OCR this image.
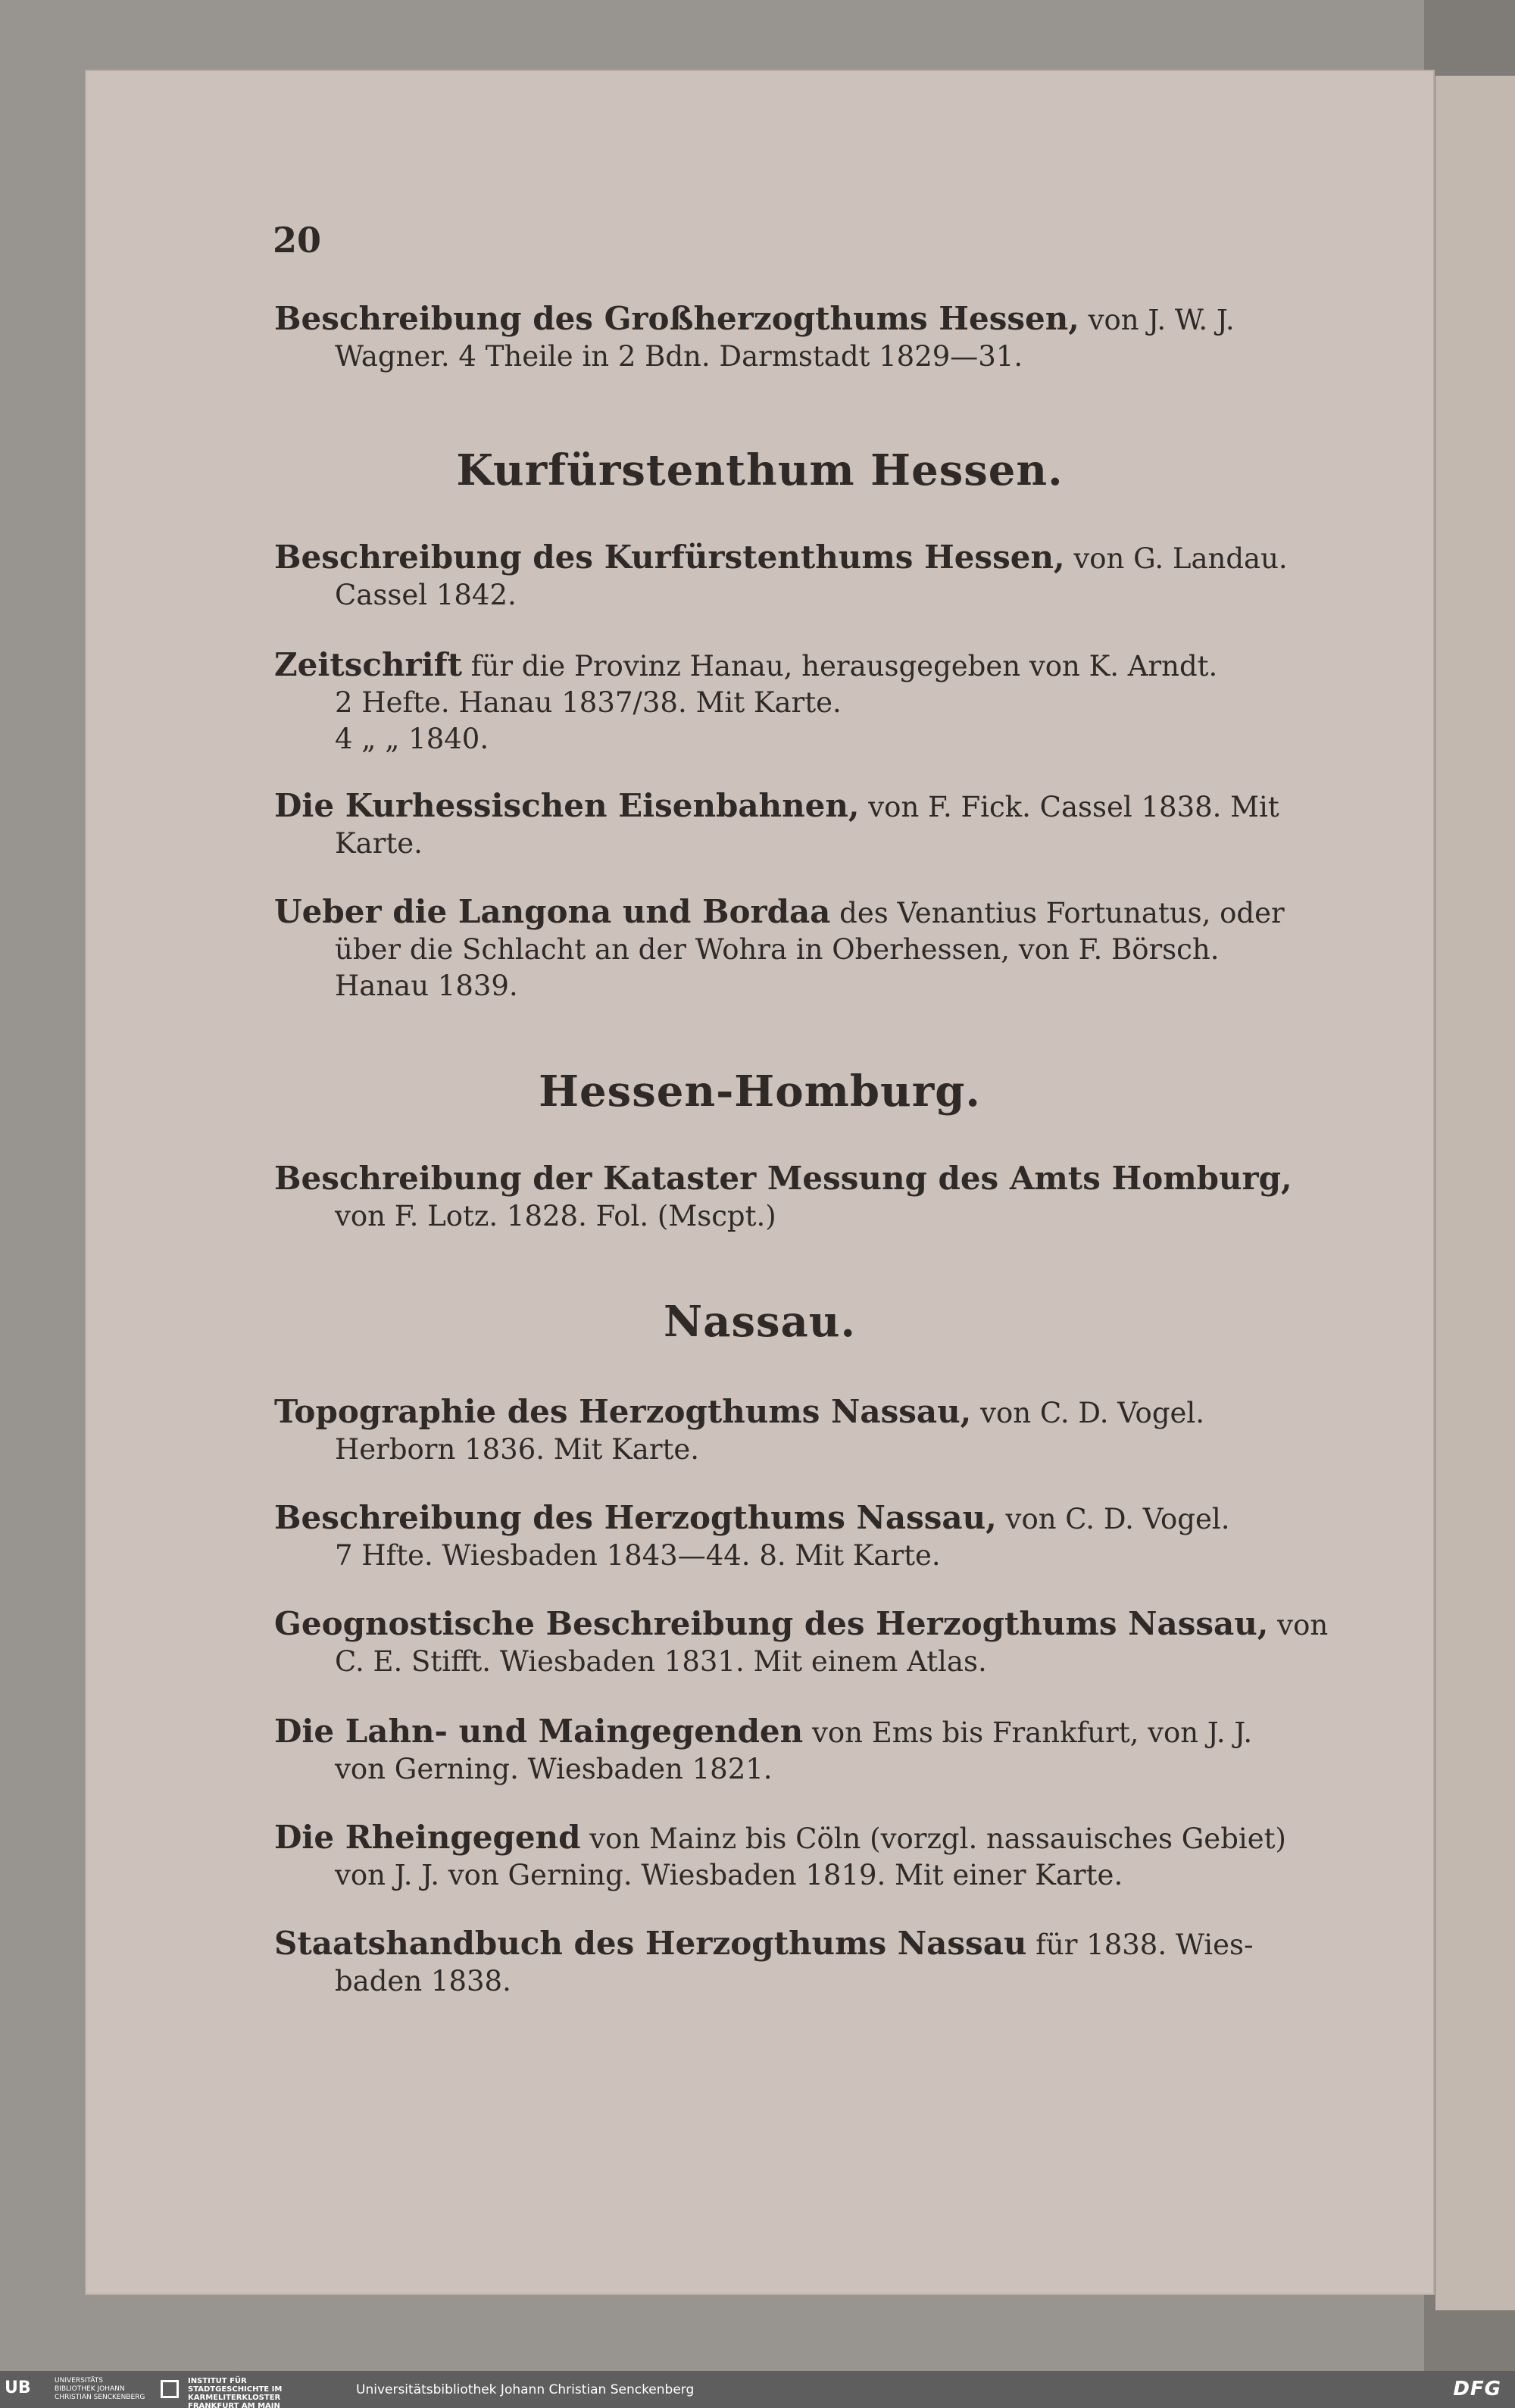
20
Beschreibung des Großherzogthums Hessen, von J. W. J.
Wagner. 4 Theile in 2 Bdn. Darmstadt 1829—31.
Kurfürstenthum Hessen.
Beschreibung des Kurfürstenthums Hessen, von G. Landau.
Cassel 1842.
Zeitschrift für die Provinz Hanau, herausgegeben von K. Arndt.
2 Hefte. Hanau 1837/38. Mit Karte.
4 „ „ 1840.
Die Kurhessischen Eisenbahnen, von F. Fick. Cassel 1838. Mit
Karte.
Ueber die Langona und Bordaa des Venantius Fortunatus, oder
über die Schlacht an der Wohra in Oberhessen, von F. Börsch.
Hanau 1839.
Hessen-Homburg.
Beschreibung der Kataster Messung des Amts Homburg,
von F. Lotz. 1828. Fol. (Mscpt.)
Nassau.
Topographie des Herzogthums Nassau, von C. D. Vogel.
Herborn 1836. Mit Karte.
Beschreibung des Herzogthums Nassau, von C. D. Vogel.
7 Hfte. Wiesbaden 1843—44. 8. Mit Karte.
Geognostische Beschreibung des Herzogthums Nassau, von
C. E. Stifft. Wiesbaden 1831. Mit einem Atlas.
Die Lahn- und Maingegenden von Ems bis Frankfurt, von J. J.
von Gerning. Wiesbaden 1821.
Die Rheingegend von Mainz bis Cöln (vorzgl. nassauisches Gebiet)
von J. J. von Gerning. Wiesbaden 1819. Mit einer Karte.
Staatshandbuch des Herzogthums Nassau für 1838. Wies-
baden 1838.
UB	UNIVERSITÄTS BIBLIOTHEK JOHANN CHRISTIAN SENCKENBERG
INSTITUT FÜR STADTGESCHICHTE IM KARMELITERKLOSTER FRANKFURT AM MAIN
Universitätsbibliothek Johann Christian Senckenberg	DFG
